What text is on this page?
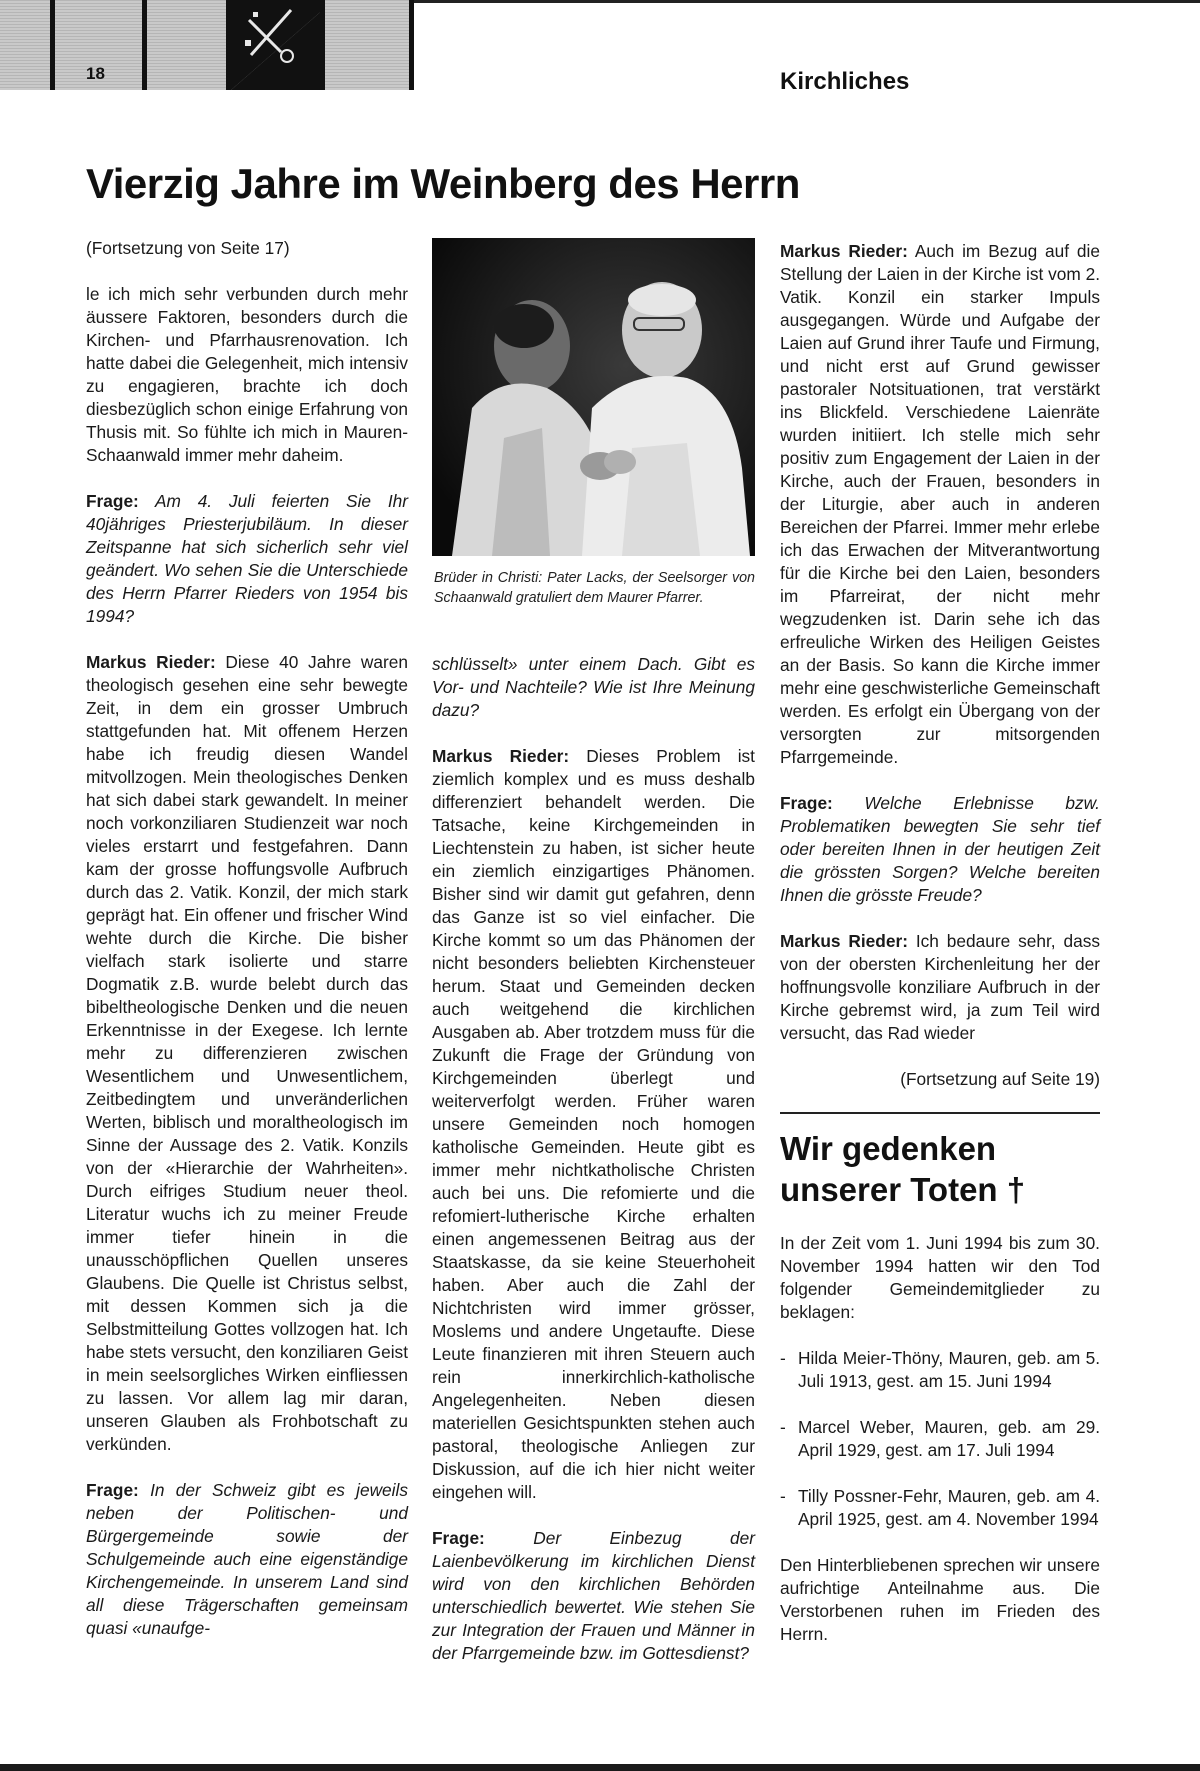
18	Kirchliches
Vierzig Jahre im Weinberg des Herrn

(Fortsetzung von Seite 17)

le ich mich sehr verbunden durch mehr äussere Faktoren, besonders durch die Kirchen- und Pfarrhausrenovation. Ich hatte dabei die Gelegenheit, mich intensiv zu engagieren, brachte ich doch diesbezüglich schon einige Erfahrung von Thusis mit. So fühlte ich mich in Mauren-Schaanwald immer mehr daheim.

Frage: Am 4. Juli feierten Sie Ihr 40jähriges Priesterjubiläum. In dieser Zeitspanne hat sich sicherlich sehr viel geändert. Wo sehen Sie die Unterschiede des Herrn Pfarrer Rieders von 1954 bis 1994?

Markus Rieder: Diese 40 Jahre waren theologisch gesehen eine sehr bewegte Zeit, in dem ein grosser Umbruch stattgefunden hat. Mit offenem Herzen habe ich freudig diesen Wandel mitvollzogen. Mein theologisches Denken hat sich dabei stark gewandelt. In meiner noch vorkonziliaren Studienzeit war noch vieles erstarrt und festgefahren. Dann kam der grosse hoffungsvolle Aufbruch durch das 2. Vatik. Konzil, der mich stark geprägt hat. Ein offener und frischer Wind wehte durch die Kirche. Die bisher vielfach stark isolierte und starre Dogmatik z.B. wurde belebt durch das bibeltheologische Denken und die neuen Erkenntnisse in der Exegese. Ich lernte mehr zu differenzieren zwischen Wesentlichem und Unwesentlichem, Zeitbedingtem und unveränderlichen Werten, biblisch und moraltheologisch im Sinne der Aussage des 2. Vatik. Konzils von der «Hierarchie der Wahrheiten». Durch eifriges Studium neuer theol. Literatur wuchs ich zu meiner Freude immer tiefer hinein in die unausschöpflichen Quellen unseres Glaubens. Die Quelle ist Christus selbst, mit dessen Kommen sich ja die Selbstmitteilung Gottes vollzogen hat. Ich habe stets versucht, den konziliaren Geist in mein seelsorgliches Wirken einfliessen zu lassen. Vor allem lag mir daran, unseren Glauben als Frohbotschaft zu verkünden.

Frage: In der Schweiz gibt es jeweils neben der Politischen- und Bürgergemeinde sowie der Schulgemeinde auch eine eigenständige Kirchengemeinde. In unserem Land sind all diese Trägerschaften gemeinsam quasi «unaufge-

Brüder in Christi: Pater Lacks, der Seelsorger von Schaanwald gratuliert dem Maurer Pfarrer.

schlüsselt» unter einem Dach. Gibt es Vor- und Nachteile? Wie ist Ihre Meinung dazu?

Markus Rieder: Dieses Problem ist ziemlich komplex und es muss deshalb differenziert behandelt werden. Die Tatsache, keine Kirchgemeinden in Liechtenstein zu haben, ist sicher heute ein ziemlich einzigartiges Phänomen. Bisher sind wir damit gut gefahren, denn das Ganze ist so viel einfacher. Die Kirche kommt so um das Phänomen der nicht besonders beliebten Kirchensteuer herum. Staat und Gemeinden decken auch weitgehend die kirchlichen Ausgaben ab. Aber trotzdem muss für die Zukunft die Frage der Gründung von Kirchgemeinden überlegt und weiterverfolgt werden. Früher waren unsere Gemeinden noch homogen katholische Gemeinden. Heute gibt es immer mehr nichtkatholische Christen auch bei uns. Die refomierte und die refomiert-lutherische Kirche erhalten einen angemessenen Beitrag aus der Staatskasse, da sie keine Steuerhoheit haben. Aber auch die Zahl der Nichtchristen wird immer grösser, Moslems und andere Ungetaufte. Diese Leute finanzieren mit ihren Steuern auch rein innerkirchlich-katholische Angelegenheiten. Neben diesen materiellen Gesichtspunkten stehen auch pastoral, theologische Anliegen zur Diskussion, auf die ich hier nicht weiter eingehen will.

Frage:	Der Einbezug der Laienbevölkerung im kirchlichen Dienst wird von den kirchlichen Behörden unterschiedlich bewertet. Wie stehen Sie zur Integration der Frauen und Männer in der Pfarrgemeinde bzw. im Gottesdienst?

Markus Rieder: Auch im Bezug auf die Stellung der Laien in der Kirche ist vom 2. Vatik. Konzil ein starker Impuls ausgegangen. Würde und Aufgabe der Laien auf Grund ihrer Taufe und Firmung, und nicht erst auf Grund gewisser pastoraler Notsituationen, trat verstärkt ins Blickfeld. Verschiedene Laienräte wurden initiiert. Ich stelle mich sehr positiv zum Engagement der Laien in der Kirche, auch der Frauen, besonders in der Liturgie, aber auch in anderen Bereichen der Pfarrei. Immer mehr erlebe ich das Erwachen der Mitverantwortung für die Kirche bei den Laien, besonders im Pfarreirat, der nicht mehr wegzudenken ist. Darin sehe ich das erfreuliche Wirken des Heiligen Geistes an der Basis. So kann die Kirche immer mehr eine geschwisterliche Gemeinschaft werden. Es erfolgt ein Übergang von der versorgten zur mitsorgenden Pfarrgemeinde.

Frage: Welche Erlebnisse bzw. Problematiken bewegten Sie sehr tief oder bereiten Ihnen in der heutigen Zeit die grössten Sorgen? Welche bereiten Ihnen die grösste Freude?

Markus Rieder: Ich bedaure sehr, dass von der obersten Kirchenleitung her der hoffnungsvolle konziliare Aufbruch in der Kirche gebremst wird, ja zum Teil wird versucht, das Rad wieder

(Fortsetzung auf Seite 19)

Wir gedenken
unserer Toten †

In der Zeit vom 1. Juni 1994 bis zum 30. November 1994 hatten wir den Tod folgender Gemeindemitglieder zu beklagen:

- Hilda Meier-Thöny, Mauren, geb. am 5. Juli 1913, gest. am 15. Juni 1994
- Marcel Weber, Mauren, geb. am 29. April 1929, gest. am 17. Juli 1994
- Tilly Possner-Fehr, Mauren, geb. am 4. April 1925, gest. am 4. November 1994

Den Hinterbliebenen sprechen wir unsere aufrichtige Anteilnahme aus. Die Verstorbenen ruhen im Frieden des Herrn.
